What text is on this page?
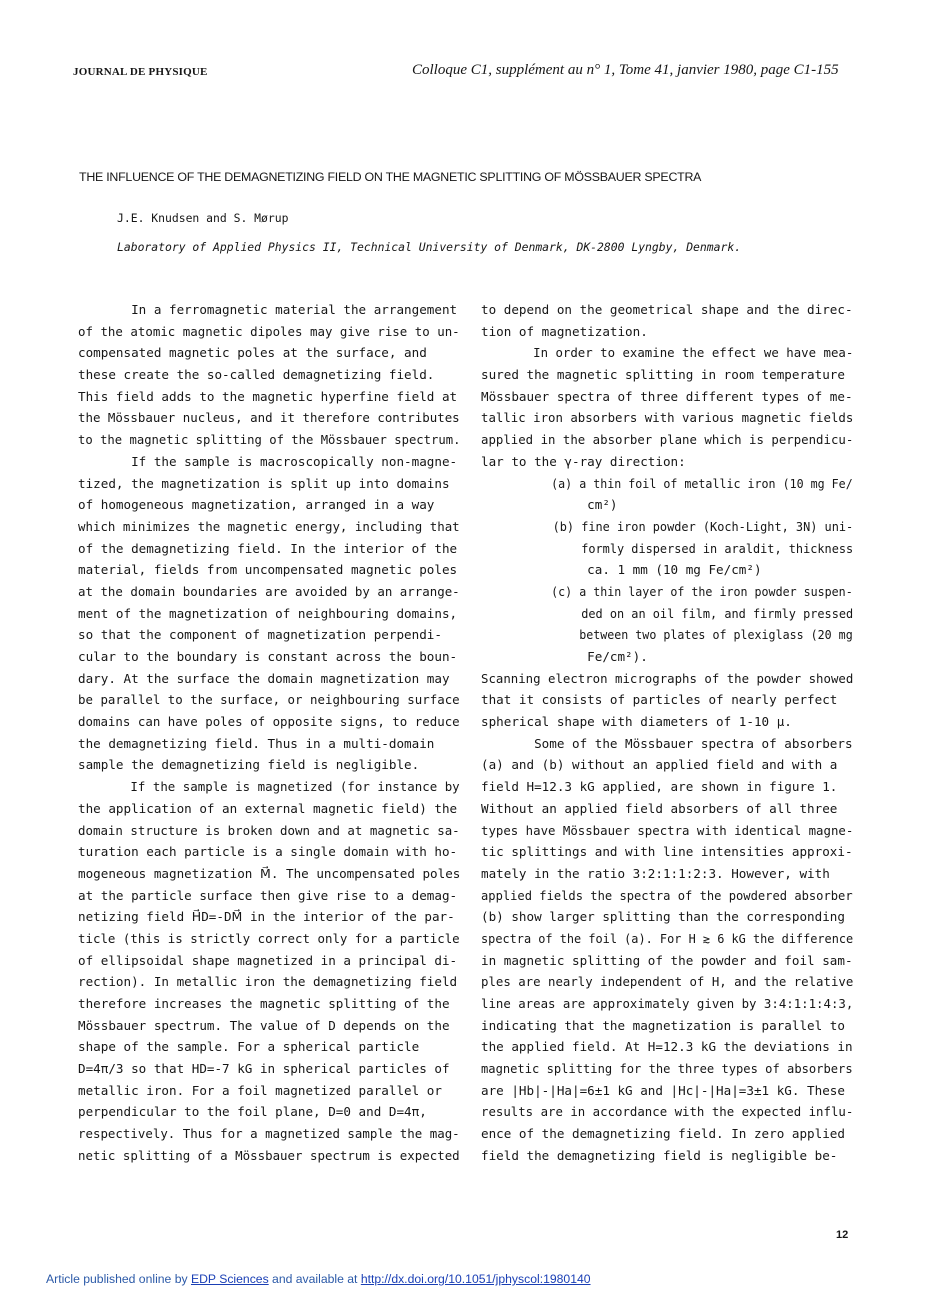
JOURNAL DE PHYSIQUE	Colloque C1, supplément au n° 1, Tome 41, janvier 1980, page C1-155
THE INFLUENCE OF THE DEMAGNETIZING FIELD ON THE MAGNETIC SPLITTING OF MÖSSBAUER SPECTRA
J.E. Knudsen and S. Mørup
Laboratory of Applied Physics II, Technical University of Denmark, DK-2800 Lyngby, Denmark.
In a ferromagnetic material the arrangement
of the atomic magnetic dipoles may give rise to un-
compensated magnetic poles at the surface, and
these create the so-called demagnetizing field.
This field adds to the magnetic hyperfine field at
the Mössbauer nucleus, and it therefore contributes
to the magnetic splitting of the Mössbauer spectrum.
If the sample is macroscopically non-magne-
tized, the magnetization is split up into domains
of homogeneous magnetization, arranged in a way
which minimizes the magnetic energy, including that
of the demagnetizing field. In the interior of the
material, fields from uncompensated magnetic poles
at the domain boundaries are avoided by an arrange-
ment of the magnetization of neighbouring domains,
so that the component of magnetization perpendi-
cular to the boundary is constant across the boun-
dary. At the surface the domain magnetization may
be parallel to the surface, or neighbouring surface
domains can have poles of opposite signs, to reduce
the demagnetizing field. Thus in a multi-domain
sample the demagnetizing field is negligible.
If the sample is magnetized (for instance by
the application of an external magnetic field) the
domain structure is broken down and at magnetic sa-
turation each particle is a single domain with ho-
mogeneous magnetization M⃗. The uncompensated poles
at the particle surface then give rise to a demag-
netizing field H⃗D=-DM⃗ in the interior of the par-
ticle (this is strictly correct only for a particle
of ellipsoidal shape magnetized in a principal di-
rection). In metallic iron the demagnetizing field
therefore increases the magnetic splitting of the
Mössbauer spectrum. The value of D depends on the
shape of the sample. For a spherical particle
D=4π/3 so that HD=-7 kG in spherical particles of
metallic iron. For a foil magnetized parallel or
perpendicular to the foil plane, D=0 and D=4π,
respectively. Thus for a magnetized sample the mag-
netic splitting of a Mössbauer spectrum is expected
to depend on the geometrical shape and the direc-
tion of magnetization.
In order to examine the effect we have mea-
sured the magnetic splitting in room temperature
Mössbauer spectra of three different types of me-
tallic iron absorbers with various magnetic fields
applied in the absorber plane which is perpendicu-
lar to the γ-ray direction:
(a) a thin foil of metallic iron (10 mg Fe/
cm²)
(b) fine iron powder (Koch-Light, 3N) uni-
formly dispersed in araldit, thickness
ca. 1 mm (10 mg Fe/cm²)
(c) a thin layer of the iron powder suspen-
ded on an oil film, and firmly pressed
between two plates of plexiglass (20 mg
Fe/cm²).
Scanning electron micrographs of the powder showed
that it consists of particles of nearly perfect
spherical shape with diameters of 1-10 μ.
Some of the Mössbauer spectra of absorbers
(a) and (b) without an applied field and with a
field H=12.3 kG applied, are shown in figure 1.
Without an applied field absorbers of all three
types have Mössbauer spectra with identical magne-
tic splittings and with line intensities approxi-
mately in the ratio 3:2:1:1:2:3. However, with
applied fields the spectra of the powdered absorber
(b) show larger splitting than the corresponding
spectra of the foil (a). For H ≳ 6 kG the difference
in magnetic splitting of the powder and foil sam-
ples are nearly independent of H, and the relative
line areas are approximately given by 3:4:1:1:4:3,
indicating that the magnetization is parallel to
the applied field. At H=12.3 kG the deviations in
magnetic splitting for the three types of absorbers
are |Hb|-|Ha|=6±1 kG and |Hc|-|Ha|=3±1 kG. These
results are in accordance with the expected influ-
ence of the demagnetizing field. In zero applied
field the demagnetizing field is negligible be-
12
Article published online by EDP Sciences and available at http://dx.doi.org/10.1051/jphyscol:1980140
